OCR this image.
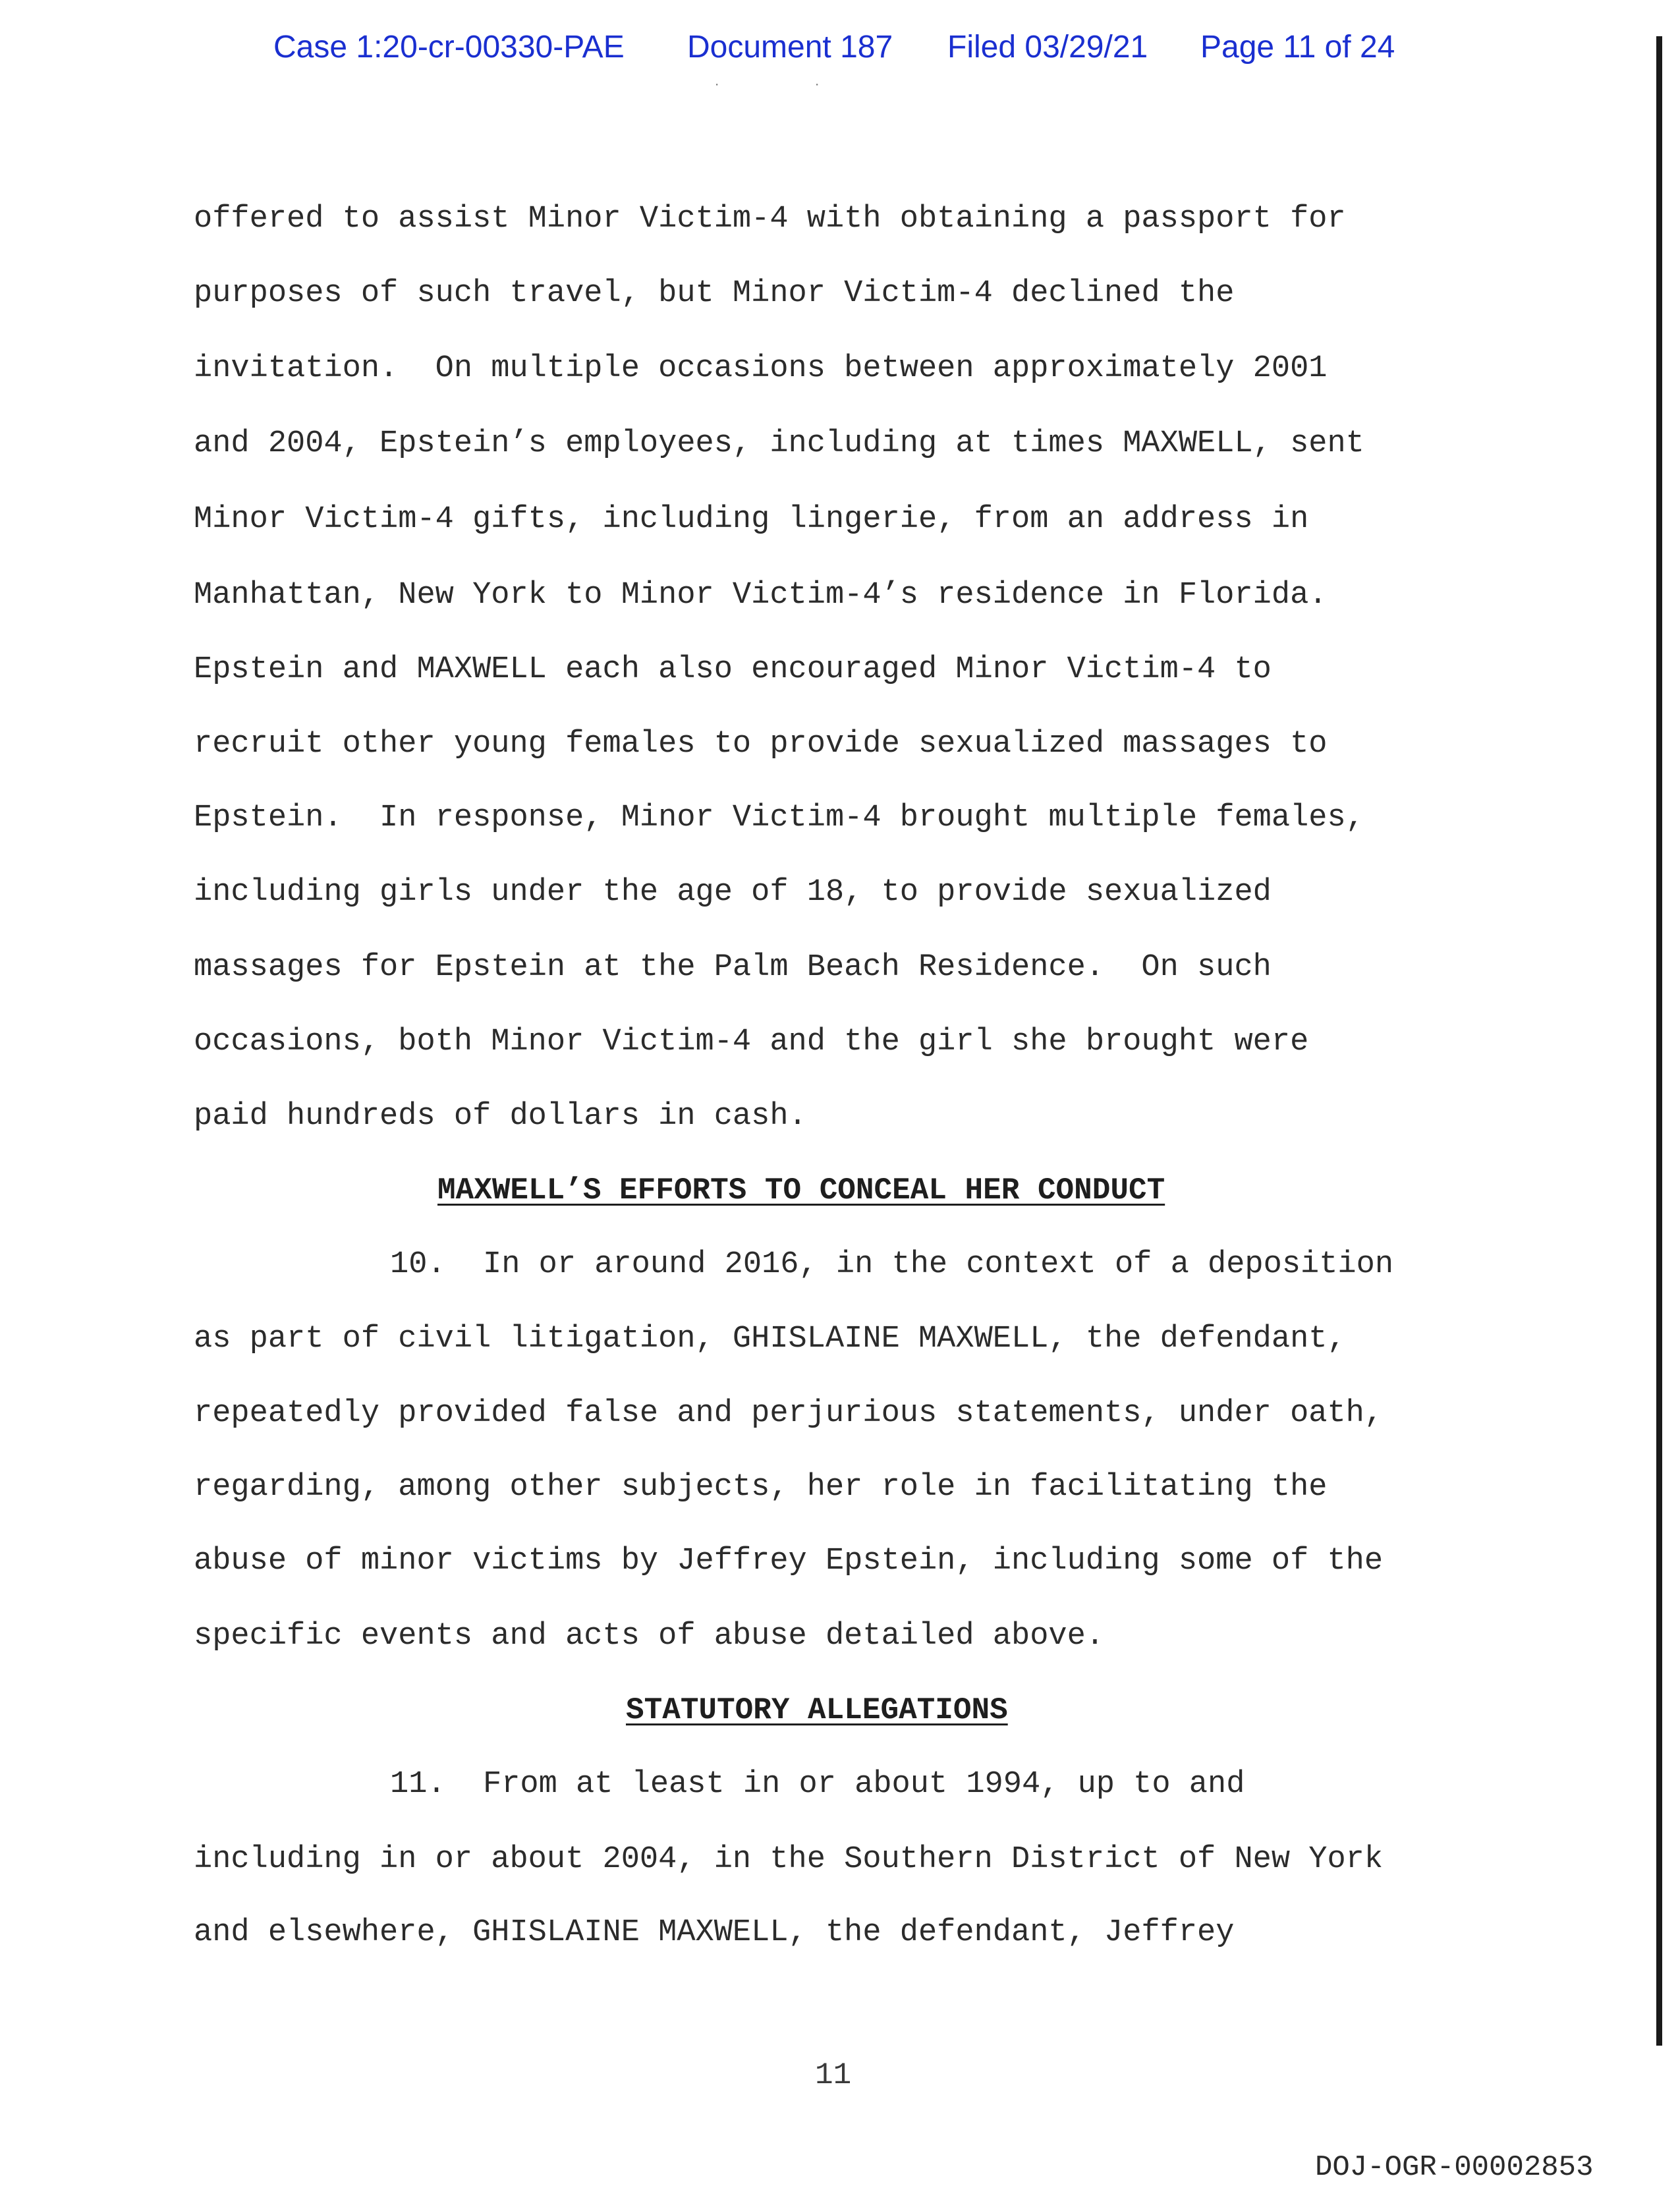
Case 1:20-cr-00330-PAE Document 187 Filed 03/29/21 Page 11 of 24
˙	˙
offered to assist Minor Victim-4 with obtaining a passport for
purposes of such travel, but Minor Victim-4 declined the
invitation.  On multiple occasions between approximately 2001
and 2004, Epstein’s employees, including at times MAXWELL, sent
Minor Victim-4 gifts, including lingerie, from an address in
Manhattan, New York to Minor Victim-4’s residence in Florida.
Epstein and MAXWELL each also encouraged Minor Victim-4 to
recruit other young females to provide sexualized massages to
Epstein.  In response, Minor Victim-4 brought multiple females,
including girls under the age of 18, to provide sexualized
massages for Epstein at the Palm Beach Residence.  On such
occasions, both Minor Victim-4 and the girl she brought were
paid hundreds of dollars in cash.
MAXWELL’S EFFORTS TO CONCEAL HER CONDUCT
10.  In or around 2016, in the context of a deposition
as part of civil litigation, GHISLAINE MAXWELL, the defendant,
repeatedly provided false and perjurious statements, under oath,
regarding, among other subjects, her role in facilitating the
abuse of minor victims by Jeffrey Epstein, including some of the
specific events and acts of abuse detailed above.
STATUTORY ALLEGATIONS
11.  From at least in or about 1994, up to and
including in or about 2004, in the Southern District of New York
and elsewhere, GHISLAINE MAXWELL, the defendant, Jeffrey
11
DOJ-OGR-00002853
